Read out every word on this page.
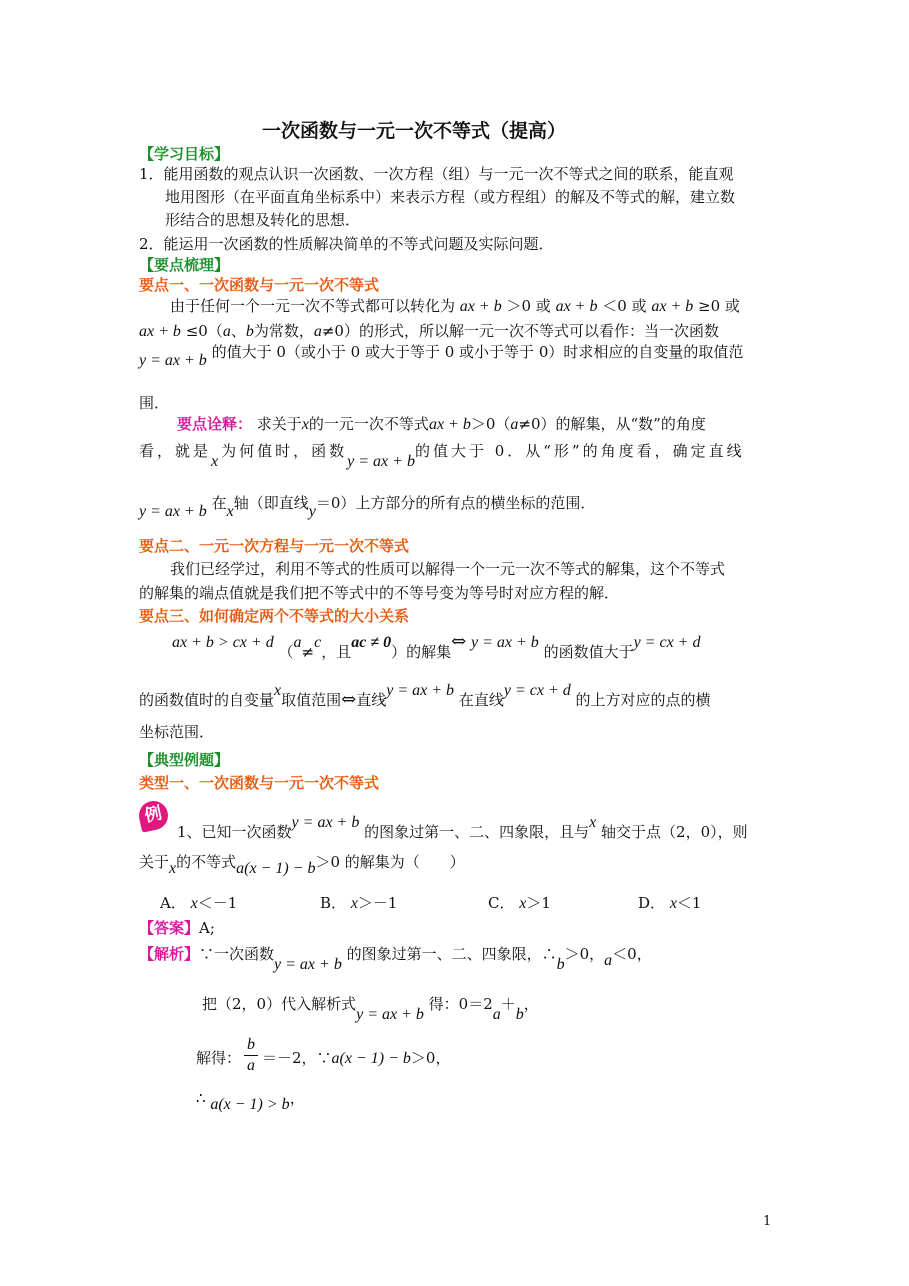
一次函数与一元一次不等式（提高）
【学习目标】
1．能用函数的观点认识一次函数、一次方程（组）与一元一次不等式之间的联系，能直观
地用图形（在平面直角坐标系中）来表示方程（或方程组）的解及不等式的解，建立数
形结合的思想及转化的思想．
2．能运用一次函数的性质解决简单的不等式问题及实际问题．
【要点梳理】
要点一、一次函数与一元一次不等式
由于任何一个一元一次不等式都可以转化为 ax + b ＞0 或 ax + b ＜0 或 ax + b ≥0 或
ax + b ≤0（a、b为常数，a≠0）的形式，所以解一元一次不等式可以看作：当一次函数
y = ax + b 的值大于 0（或小于 0 或大于等于 0 或小于等于 0）时求相应的自变量的取值范
围．
要点诠释： 求关于x的一元一次不等式ax + b＞0（a≠0）的解集，从“数”的角度
看，就是x为何值时，函数y = ax + b的值大于 0．从“形”的角度看，确定直线
y = ax + b 在x轴（即直线y＝0）上方部分的所有点的横坐标的范围．
要点二、一元一次方程与一元一次不等式
我们已经学过，利用不等式的性质可以解得一个一元一次不等式的解集，这个不等式
的解集的端点值就是我们把不等式中的不等号变为等号时对应方程的解．
要点三、如何确定两个不等式的大小关系
ax + b > cx + d （a≠c，且ac ≠ 0）的解集⇔ y = ax + b 的函数值大于y = cx + d
的函数值时的自变量x取值范围⇔直线y = ax + b 在直线y = cx + d 的上方对应的点的横
坐标范围．
【典型例题】
类型一、一次函数与一元一次不等式
例
1、已知一次函数y = ax + b 的图象过第一、二、四象限，且与x 轴交于点（2，0），则
关于x的不等式a(x − 1) − b＞0 的解集为（　　）
A． x＜－1	B． x＞－1	C． x＞1	D． x＜1
【答案】A;
【解析】∵一次函数y = ax + b 的图象过第一、二、四象限，∴b＞0，a＜0，
把（2，0）代入解析式y = ax + b 得：0＝2a＋b，
解得：
b
a ＝－2，∵a(x − 1) − b＞0，
∴ a(x − 1) > b，
1
